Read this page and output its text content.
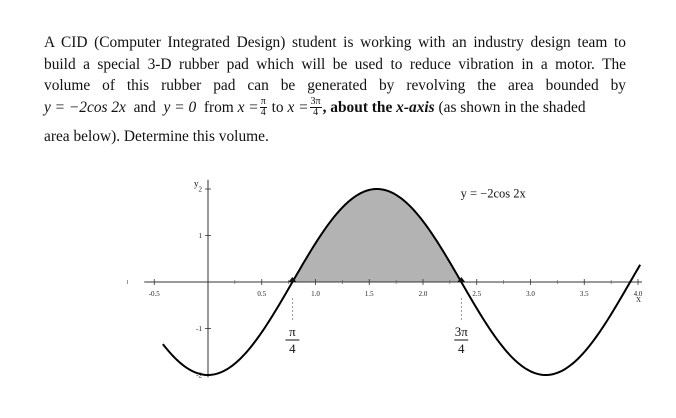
A CID (Computer Integrated Design) student is working with an industry design team to
build a special 3-D rubber pad which will be used to reduce vibration in a motor. The
volume of this rubber pad can be generated by revolving the area bounded by
y = −2cos 2x and y = 0 from $x = \frac{\pi}{4}$ to $x = \frac{3\pi}{4}$ , about the x-axis (as shown in the shaded
area below). Determine this volume.
-0.5	0.5	1.0	1.5	2.0	2.5	3.0	3.5	4.0
2
1
-1
-2
y
X
y = −2cos 2x
π
4
3π
4
